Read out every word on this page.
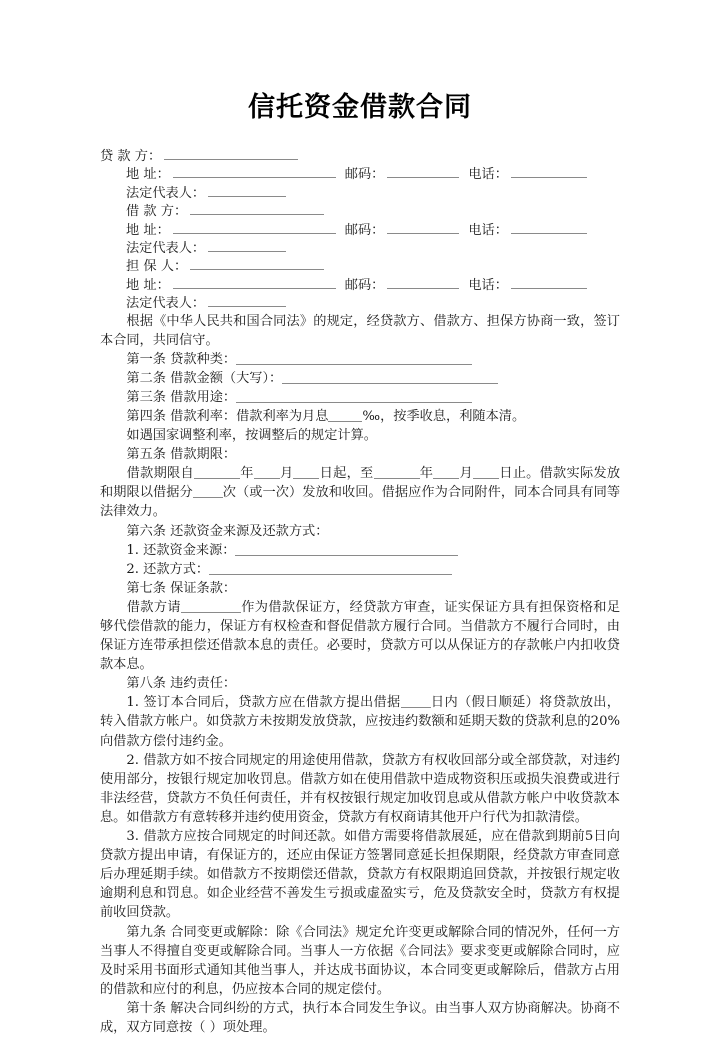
信托资金借款合同
贷 款 方：
地 址：	邮码：	电话：
法定代表人：
借 款 方：
地 址：	邮码：	电话：
法定代表人：
担 保 人：
地 址：	邮码：	电话：
法定代表人：

根据《中华人民共和国合同法》的规定，经贷款方、借款方、担保方协商一致，签订本合同，共同信守。

第一条 贷款种类：

第二条 借款金额（大写）：

第三条 借款用途：

第四条 借款利率：借款利率为月息	‰，按季收息，利随本清。

如遇国家调整利率，按调整后的规定计算。

第五条 借款期限：

借款期限自	年 月 日起，至	年 月 日止。借款实际发放和期限以借据分 次（或一次）发放和收回。借据应作为合同附件，同本合同具有同等法律效力。

第六条 还款资金来源及还款方式：

1. 还款资金来源：

2. 还款方式：

第七条 保证条款：

借款方请	作为借款保证方，经贷款方审查，证实保证方具有担保资格和足够代偿借款的能力，保证方有权检查和督促借款方履行合同。当借款方不履行合同时，由保证方连带承担偿还借款本息的责任。必要时，贷款方可以从保证方的存款帐户内扣收贷款本息。

第八条 违约责任：

1. 签订本合同后，贷款方应在借款方提出借据 日内（假日顺延）将贷款放出，转入借款方帐户。如贷款方未按期发放贷款，应按违约数额和延期天数的贷款利息的20%向借款方偿付违约金。

2. 借款方如不按合同规定的用途使用借款，贷款方有权收回部分或全部贷款，对违约使用部分，按银行规定加收罚息。借款方如在使用借款中造成物资积压或损失浪费或进行非法经营，贷款方不负任何责任，并有权按银行规定加收罚息或从借款方帐户中收贷款本息。如借款方有意转移并违约使用资金，贷款方有权商请其他开户行代为扣款清偿。

3. 借款方应按合同规定的时间还款。如借方需要将借款展延，应在借款到期前5日向贷款方提出申请，有保证方的，还应由保证方签署同意延长担保期限，经贷款方审查同意后办理延期手续。如借款方不按期偿还借款，贷款方有权限期追回贷款，并按银行规定收逾期利息和罚息。如企业经营不善发生亏损或虚盈实亏，危及贷款安全时，贷款方有权提前收回贷款。

第九条 合同变更或解除：除《合同法》规定允许变更或解除合同的情况外，任何一方当事人不得擅自变更或解除合同。当事人一方依据《合同法》要求变更或解除合同时，应及时采用书面形式通知其他当事人，并达成书面协议，本合同变更或解除后，借款方占用的借款和应付的利息，仍应按本合同的规定偿付。

第十条 解决合同纠纷的方式，执行本合同发生争议。由当事人双方协商解决。协商不成，双方同意按（ ）项处理。
